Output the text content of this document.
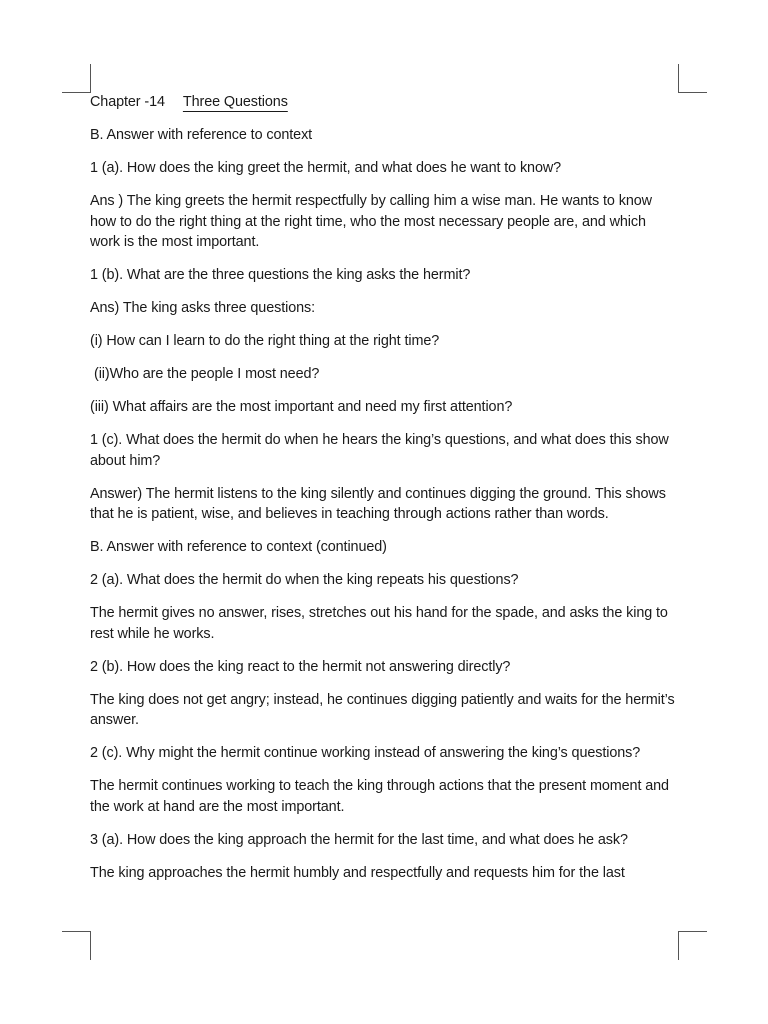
Chapter -14 Three Questions

B. Answer with reference to context

1 (a). How does the king greet the hermit, and what does he want to know?

Ans ) The king greets the hermit respectfully by calling him a wise man. He wants to know how to do the right thing at the right time, who the most necessary people are, and which work is the most important.

1 (b). What are the three questions the king asks the hermit?

Ans) The king asks three questions:

(i) How can I learn to do the right thing at the right time?

(ii)Who are the people I most need?

(iii) What affairs are the most important and need my first attention?

1 (c). What does the hermit do when he hears the king’s questions, and what does this show about him?

Answer) The hermit listens to the king silently and continues digging the ground. This shows that he is patient, wise, and believes in teaching through actions rather than words.

B. Answer with reference to context (continued)

2 (a). What does the hermit do when the king repeats his questions?

The hermit gives no answer, rises, stretches out his hand for the spade, and asks the king to rest while he works.

2 (b). How does the king react to the hermit not answering directly?

The king does not get angry; instead, he continues digging patiently and waits for the hermit’s answer.

2 (c). Why might the hermit continue working instead of answering the king’s questions?

The hermit continues working to teach the king through actions that the present moment and the work at hand are the most important.

3 (a). How does the king approach the hermit for the last time, and what does he ask?

The king approaches the hermit humbly and respectfully and requests him for the last
